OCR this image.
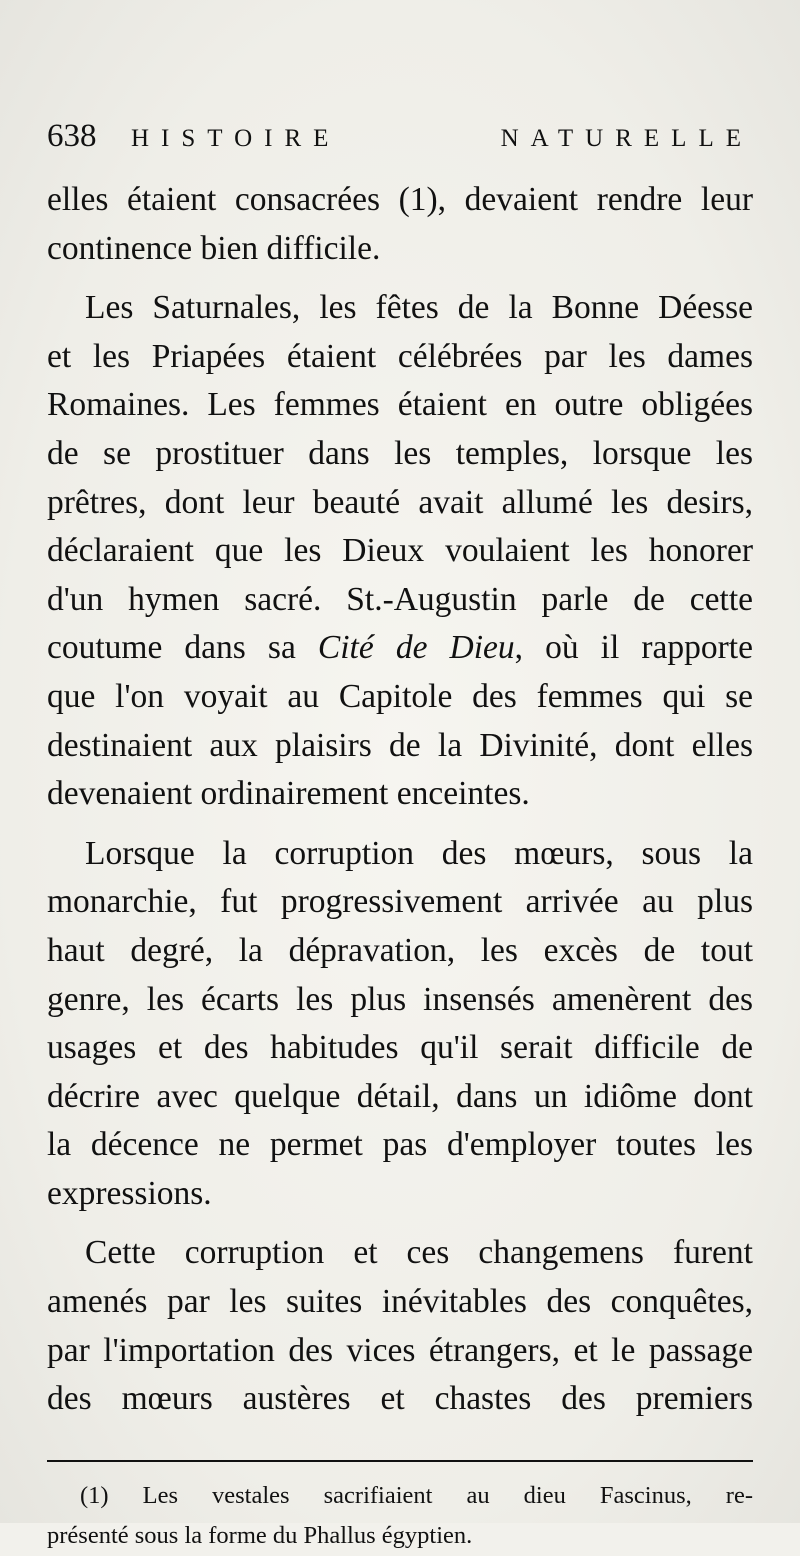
638	HISTOIRE	NATURELLE
elles étaient consacrées (1), devaient rendre leur
continence bien difficile.
Les Saturnales, les fêtes de la Bonne Déesse
et les Priapées étaient célébrées par les dames
Romaines. Les femmes étaient en outre obligées
de se prostituer dans les temples, lorsque les
prêtres, dont leur beauté avait allumé les desirs,
déclaraient que les Dieux voulaient les honorer
d'un hymen sacré. St.-Augustin parle de cette
coutume dans sa Cité de Dieu, où il rapporte
que l'on voyait au Capitole des femmes qui se
destinaient aux plaisirs de la Divinité, dont elles
devenaient ordinairement enceintes.
Lorsque la corruption des mœurs, sous la
monarchie, fut progressivement arrivée au plus
haut degré, la dépravation, les excès de tout
genre, les écarts les plus insensés amenèrent des
usages et des habitudes qu'il serait difficile de
décrire avec quelque détail, dans un idiôme dont
la décence ne permet pas d'employer toutes les
expressions.
Cette corruption et ces changemens furent
amenés par les suites inévitables des conquêtes,
par l'importation des vices étrangers, et le passage
des mœurs austères et chastes des premiers
(1) Les vestales sacrifiaient au dieu Fascinus, re-
présenté sous la forme du Phallus égyptien.
